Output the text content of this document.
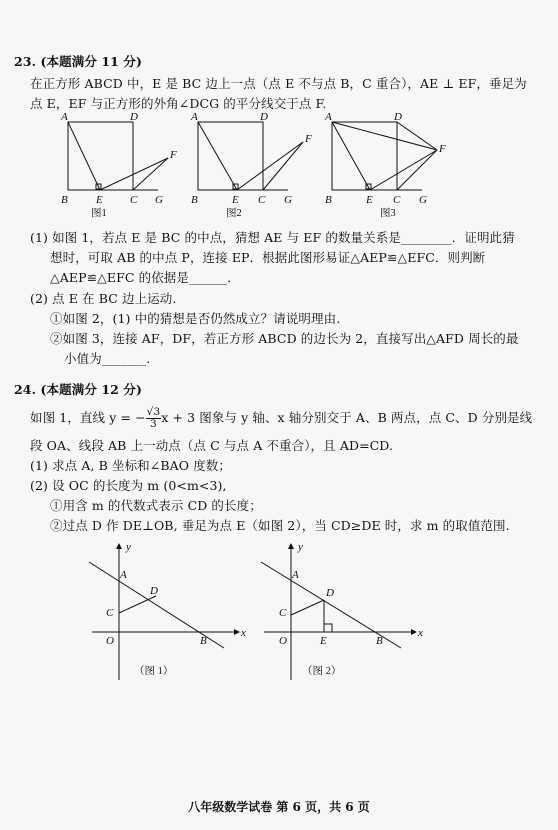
23. (本题满分 11 分)
在正方形 ABCD 中，E 是 BC 边上一点（点 E 不与点 B，C 重合），AE ⊥ EF，垂足为
点 E，EF 与正方形的外角∠DCG 的平分线交于点 F.
A	D
F
B	E C G
图1
A	D
F
B	E C G
图2
A	D
F
B	E C G
图3
(1) 如图 1，若点 E 是 BC 的中点，猜想 AE 与 EF 的数量关系是________．证明此猜
想时，可取 AB 的中点 P，连接 EP．根据此图形易证△AEP≌△EFC．则判断
△AEP≌△EFC 的依据是______．
(2) 点 E 在 BC 边上运动.
①如图 2，(1) 中的猜想是否仍然成立？请说明理由.
②如图 3，连接 AF，DF，若正方形 ABCD 的边长为 2，直接写出△AFD 周长的最
小值为_______.
24. (本题满分 12 分)
如图 1，直线 y = − $\frac{√3}{3}$ x + 3 图象与 y 轴、x 轴分别交于 A、B 两点，点 C、D 分别是线
段 OA、线段 AB 上一动点（点 C 与点 A 不重合），且 AD=CD.
(1) 求点 A, B 坐标和∠BAO 度数；
(2) 设 OC 的长度为 m (0<m<3),
①用含 m 的代数式表示 CD 的长度；
②过点 D 作 DE⊥OB, 垂足为点 E（如图 2），当 CD≥DE 时，求 m 的取值范围.
y
A
D
C
O	B
x
（图 1）
y
A
D
C
O	E	B
x
（图 2）
八年级数学试卷 第 6 页，共 6 页
